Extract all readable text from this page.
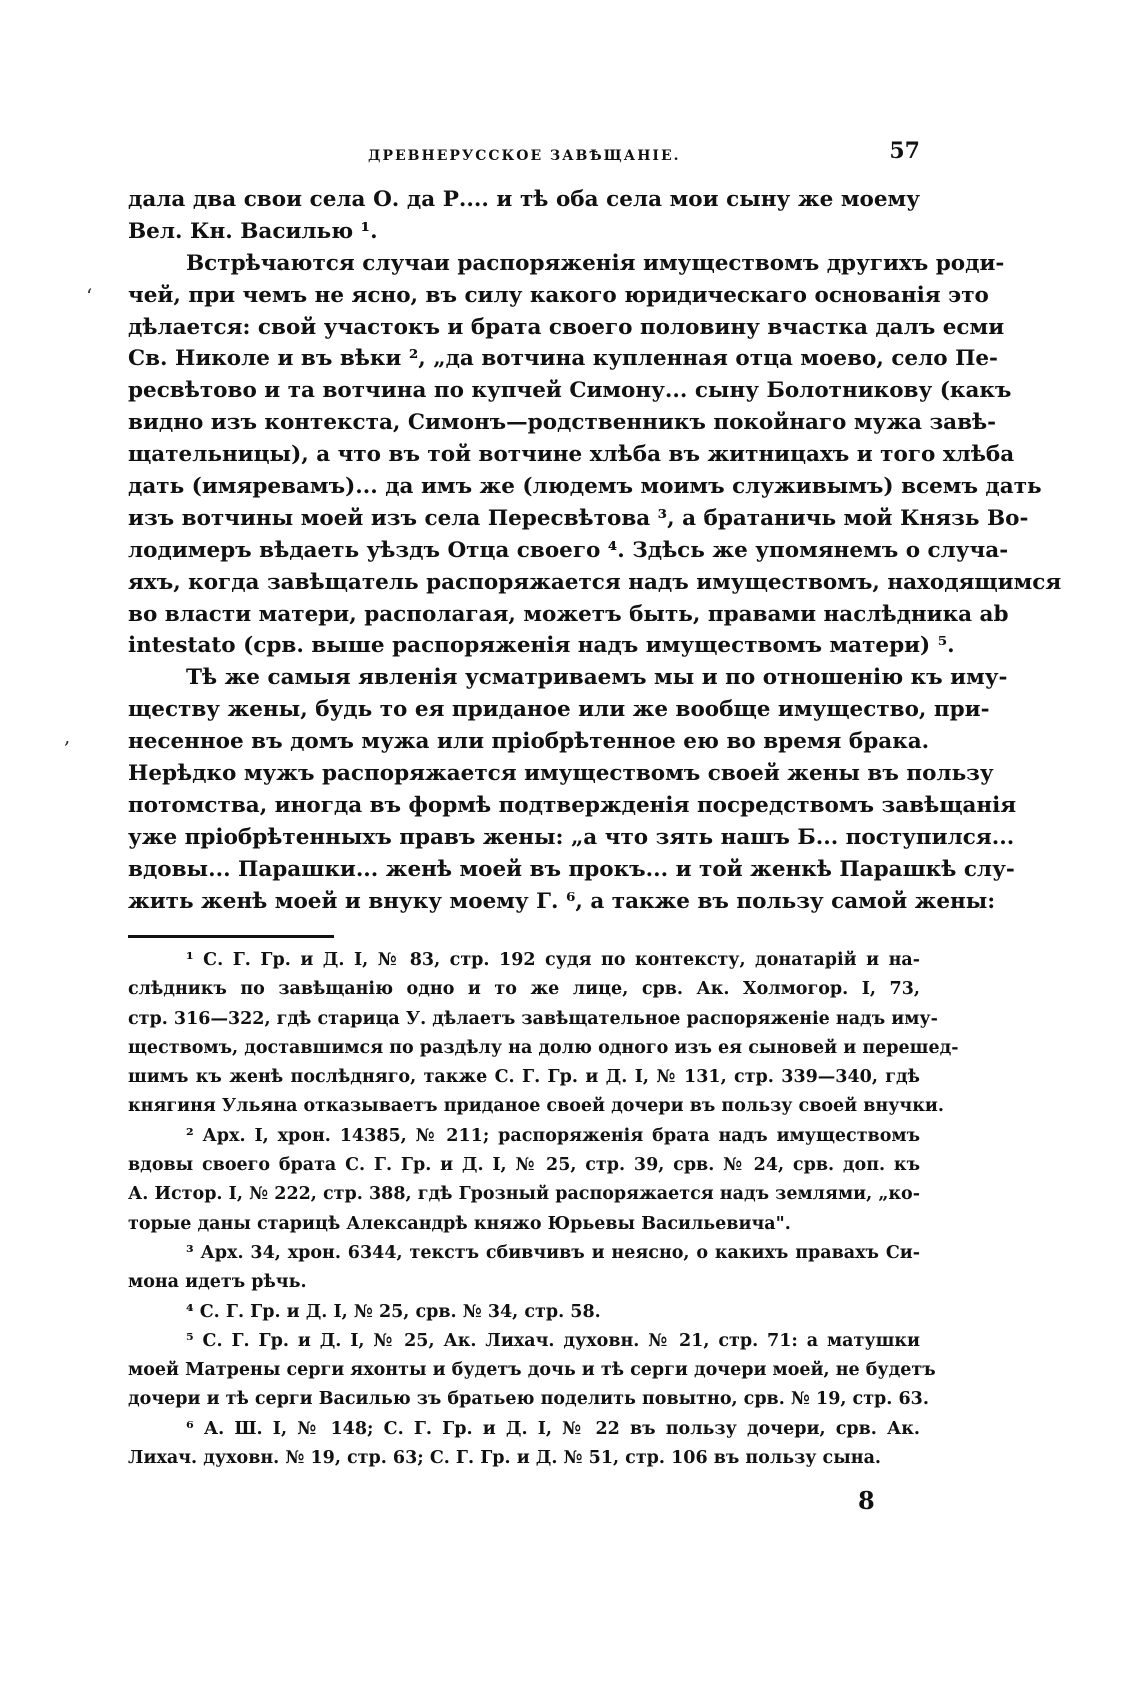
ДРЕВНЕРУССКОЕ ЗАВѢЩАНІЕ.	57
‘
,
дала два свои села О. да Р.... и тѣ оба села мои сыну же моему
Вел. Кн. Василью ¹.
Встрѣчаются случаи распоряженія имуществомъ другихъ роди-
чей, при чемъ не ясно, въ силу какого юридическаго основанія это
дѣлается: свой участокъ и брата своего половину вчастка далъ есми
Св. Николе и въ вѣки ², „да вотчина купленная отца моево, село Пе-
ресвѣтово и та вотчина по купчей Симону... сыну Болотникову (какъ
видно изъ контекста, Симонъ—родственникъ покойнаго мужа завѣ-
щательницы), а что въ той вотчине хлѣба въ житницахъ и того хлѣба
дать (имяревамъ)... да имъ же (людемъ моимъ служивымъ) всемъ дать
изъ вотчины моей изъ села Пересвѣтова ³, а братаничь мой Князь Во-
лодимеръ вѣдаеть уѣздъ Отца своего ⁴. Здѣсь же упомянемъ о случа-
яхъ, когда завѣщатель распоряжается надъ имуществомъ, находящимся
во власти матери, располагая, можетъ быть, правами наслѣдника ab
intestato (срв. выше распоряженія надъ имуществомъ матери) ⁵.
Тѣ же самыя явленія усматриваемъ мы и по отношенію къ иму-
ществу жены, будь то ея приданое или же вообще имущество, при-
несенное въ домъ мужа или пріобрѣтенное ею во время брака.
Нерѣдко мужъ распоряжается имуществомъ своей жены въ пользу
потомства, иногда въ формѣ подтвержденія посредствомъ завѣщанія
уже пріобрѣтенныхъ правъ жены: „а что зять нашъ Б... поступился...
вдовы... Парашки... женѣ моей въ прокъ... и той женкѣ Парашкѣ слу-
жить женѣ моей и внуку моему Г. ⁶, а также въ пользу самой жены:
¹ С. Г. Гр. и Д. I, № 83, стр. 192 судя по контексту, донатарій и на-
слѣдникъ по завѣщанію одно и то же лице, срв. Ак. Холмогор. I, 73,
стр. 316—322, гдѣ старица У. дѣлаетъ завѣщательное распоряженіе надъ иму-
ществомъ, доставшимся по раздѣлу на долю одного изъ ея сыновей и перешед-
шимъ къ женѣ послѣдняго, также С. Г. Гр. и Д. I, № 131, стр. 339—340, гдѣ
княгиня Ульяна отказываетъ приданое своей дочери въ пользу своей внучки.
² Арх. I, хрон. 14385, № 211; распоряженія брата надъ имуществомъ
вдовы своего брата С. Г. Гр. и Д. I, № 25, стр. 39, срв. № 24, срв. доп. къ
А. Истор. I, № 222, стр. 388, гдѣ Грозный распоряжается надъ землями, „ко-
торые даны старицѣ Александрѣ княжо Юрьевы Васильевича".
³ Арх. 34, хрон. 6344, текстъ сбивчивъ и неясно, о какихъ правахъ Си-
мона идетъ рѣчь.
⁴ С. Г. Гр. и Д. I, № 25, срв. № 34, стр. 58.
⁵ С. Г. Гр. и Д. I, № 25, Ак. Лихач. духовн. № 21, стр. 71: а матушки
моей Матрены серги яхонты и будетъ дочь и тѣ серги дочери моей, не будетъ
дочери и тѣ серги Василью зъ братьею поделить повытно, срв. № 19, стр. 63.
⁶ А. Ш. I, № 148; С. Г. Гр. и Д. I, № 22 въ пользу дочери, срв. Ак.
Лихач. духовн. № 19, стр. 63; С. Г. Гр. и Д. № 51, стр. 106 въ пользу сына.
8
